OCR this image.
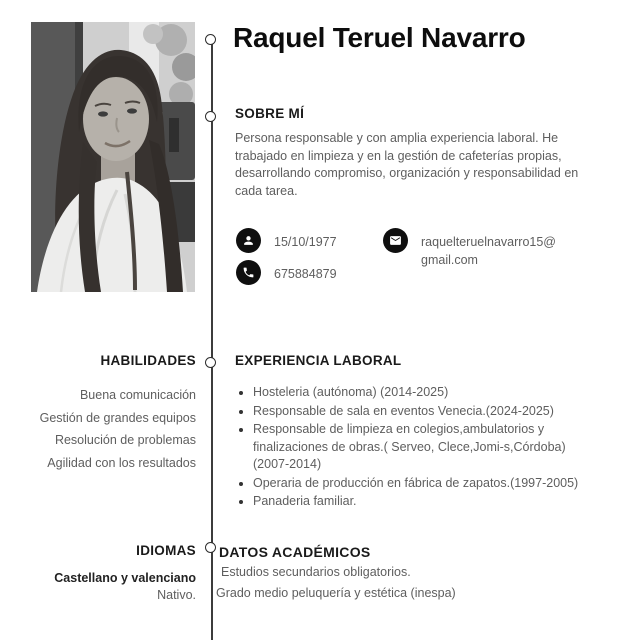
Raquel Teruel Navarro
SOBRE MÍ
Persona responsable y con amplia experiencia laboral. He trabajado en limpieza y en la gestión de cafeterías propias, desarrollando compromiso, organización y responsabilidad en cada tarea.
15/10/1977
675884879
raquelteruelnavarro15@
gmail.com
HABILIDADES
Buena comunicación
Gestión de grandes equipos
Resolución de problemas
Agilidad con los resultados
EXPERIENCIA LABORAL
• Hosteleria (autónoma) (2014-2025)
• Responsable de sala en eventos Venecia.(2024-2025)
• Responsable de limpieza en colegios,ambulatorios y finalizaciones de obras.( Serveo, Clece,Jomi-s,Córdoba) (2007-2014)
• Operaria de producción en fábrica de zapatos.(1997-2005)
• Panaderia familiar.
IDIOMAS
Castellano y valenciano
Nativo.
DATOS ACADÉMICOS
Estudios secundarios obligatorios.
Grado medio peluquería y estética (inespa)
